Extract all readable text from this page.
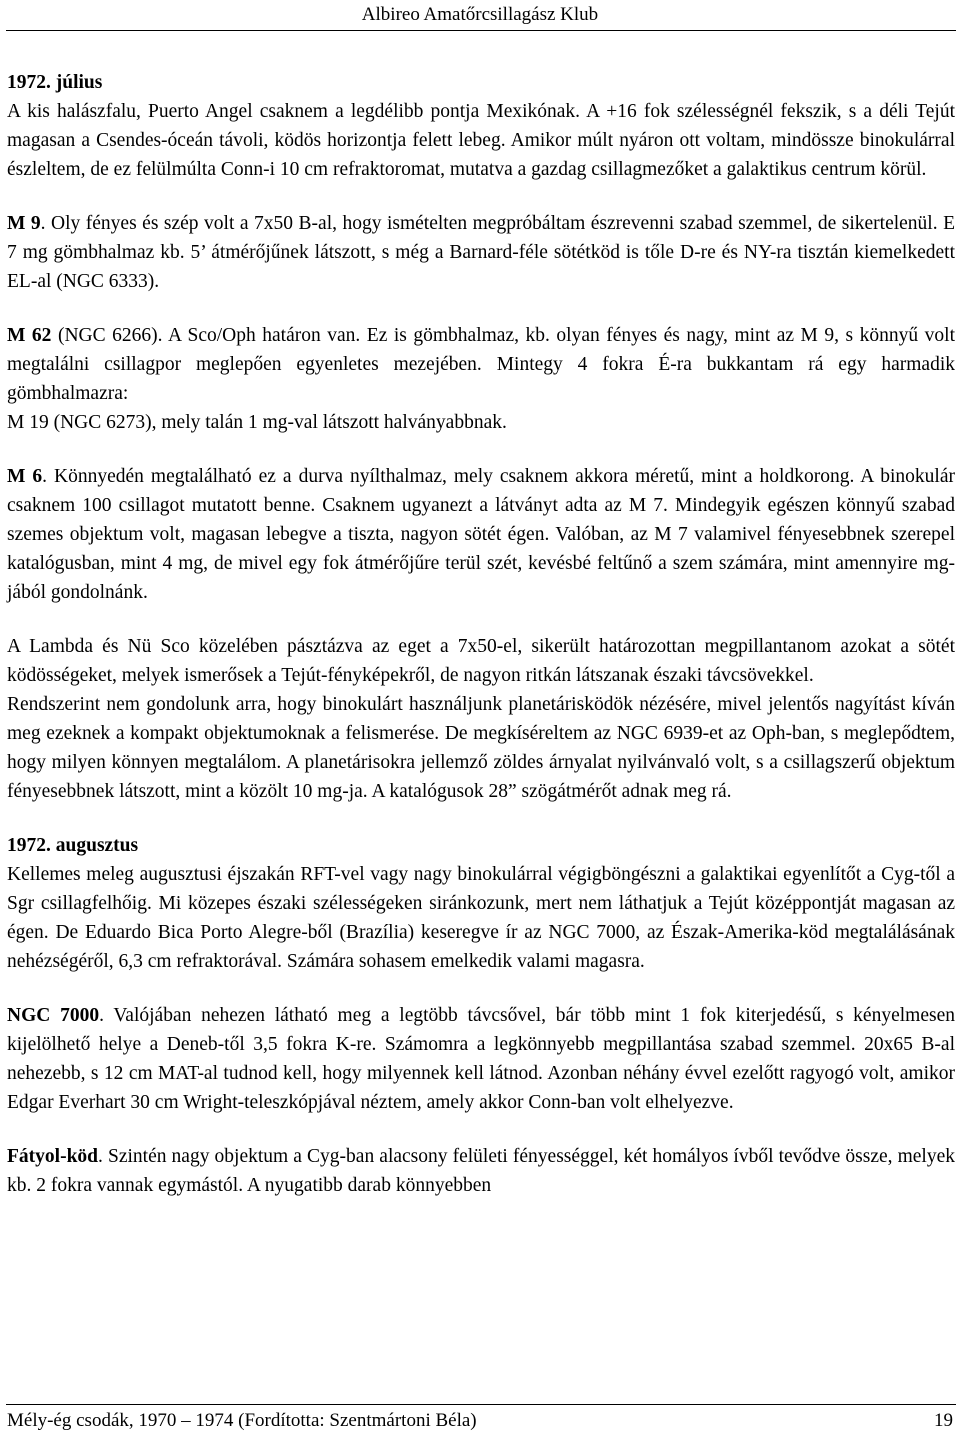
Albireo Amatőrcsillagász Klub

1972. július

A kis halászfalu, Puerto Angel csaknem a legdélibb pontja Mexikónak. A +16 fok szélességnél fekszik, s a déli Tejút magasan a Csendes-óceán távoli, ködös horizontja felett lebeg. Amikor múlt nyáron ott voltam, mindössze binokulárral észleltem, de ez felülmúlta Conn-i 10 cm refraktoromat, mutatva a gazdag csillagmezőket a galaktikus centrum körül.

M 9. Oly fényes és szép volt a 7x50 B-al, hogy ismételten megpróbáltam észrevenni szabad szemmel, de sikertelenül. E 7 mg gömbhalmaz kb. 5’ átmérőjűnek látszott, s még a Barnard-féle sötétköd is tőle D-re és NY-ra tisztán kiemelkedett EL-al (NGC 6333).

M 62 (NGC 6266). A Sco/Oph határon van. Ez is gömbhalmaz, kb. olyan fényes és nagy, mint az M 9, s könnyű volt megtalálni csillagpor meglepően egyenletes mezejében. Mintegy 4 fokra É-ra bukkantam rá egy harmadik gömbhalmazra:

M 19 (NGC 6273), mely talán 1 mg-val látszott halványabbnak.

M 6. Könnyedén megtalálható ez a durva nyílthalmaz, mely csaknem akkora méretű, mint a holdkorong. A binokulár csaknem 100 csillagot mutatott benne. Csaknem ugyanezt a látványt adta az M 7. Mindegyik egészen könnyű szabad szemes objektum volt, magasan lebegve a tiszta, nagyon sötét égen. Valóban, az M 7 valamivel fényesebbnek szerepel katalógusban, mint 4 mg, de mivel egy fok átmérőjűre terül szét, kevésbé feltűnő a szem számára, mint amennyire mg-jából gondolnánk.

A Lambda és Nü Sco közelében pásztázva az eget a 7x50-el, sikerült határozottan megpillantanom azokat a sötét ködösségeket, melyek ismerősek a Tejút-fényképekről, de nagyon ritkán látszanak északi távcsövekkel.

Rendszerint nem gondolunk arra, hogy binokulárt használjunk planetárisködök nézésére, mivel jelentős nagyítást kíván meg ezeknek a kompakt objektumoknak a felismerése. De megkíséreltem az NGC 6939-et az Oph-ban, s meglepődtem, hogy milyen könnyen megtalálom. A planetárisokra jellemző zöldes árnyalat nyilvánvaló volt, s a csillagszerű objektum fényesebbnek látszott, mint a közölt 10 mg-ja. A katalógusok 28” szögátmérőt adnak meg rá.

1972. augusztus

Kellemes meleg augusztusi éjszakán RFT-vel vagy nagy binokulárral végigböngészni a galaktikai egyenlítőt a Cyg-től a Sgr csillagfelhőig. Mi közepes északi szélességeken siránkozunk, mert nem láthatjuk a Tejút középpontját magasan az égen. De Eduardo Bica Porto Alegre-ből (Brazília) keseregve ír az NGC 7000, az Észak-Amerika-köd megtalálásának nehézségéről, 6,3 cm refraktorával. Számára sohasem emelkedik valami magasra.

NGC 7000. Valójában nehezen látható meg a legtöbb távcsővel, bár több mint 1 fok kiterjedésű, s kényelmesen kijelölhető helye a Deneb-től 3,5 fokra K-re. Számomra a legkönnyebb megpillantása szabad szemmel. 20x65 B-al nehezebb, s 12 cm MAT-al tudnod kell, hogy milyennek kell látnod. Azonban néhány évvel ezelőtt ragyogó volt, amikor Edgar Everhart 30 cm Wright-teleszkópjával néztem, amely akkor Conn-ban volt elhelyezve.

Fátyol-köd. Szintén nagy objektum a Cyg-ban alacsony felületi fényességgel, két homályos ívből tevődve össze, melyek kb. 2 fokra vannak egymástól. A nyugatibb darab könnyebben

Mély-ég csodák, 1970 – 1974 (Fordította: Szentmártoni Béla)	19
